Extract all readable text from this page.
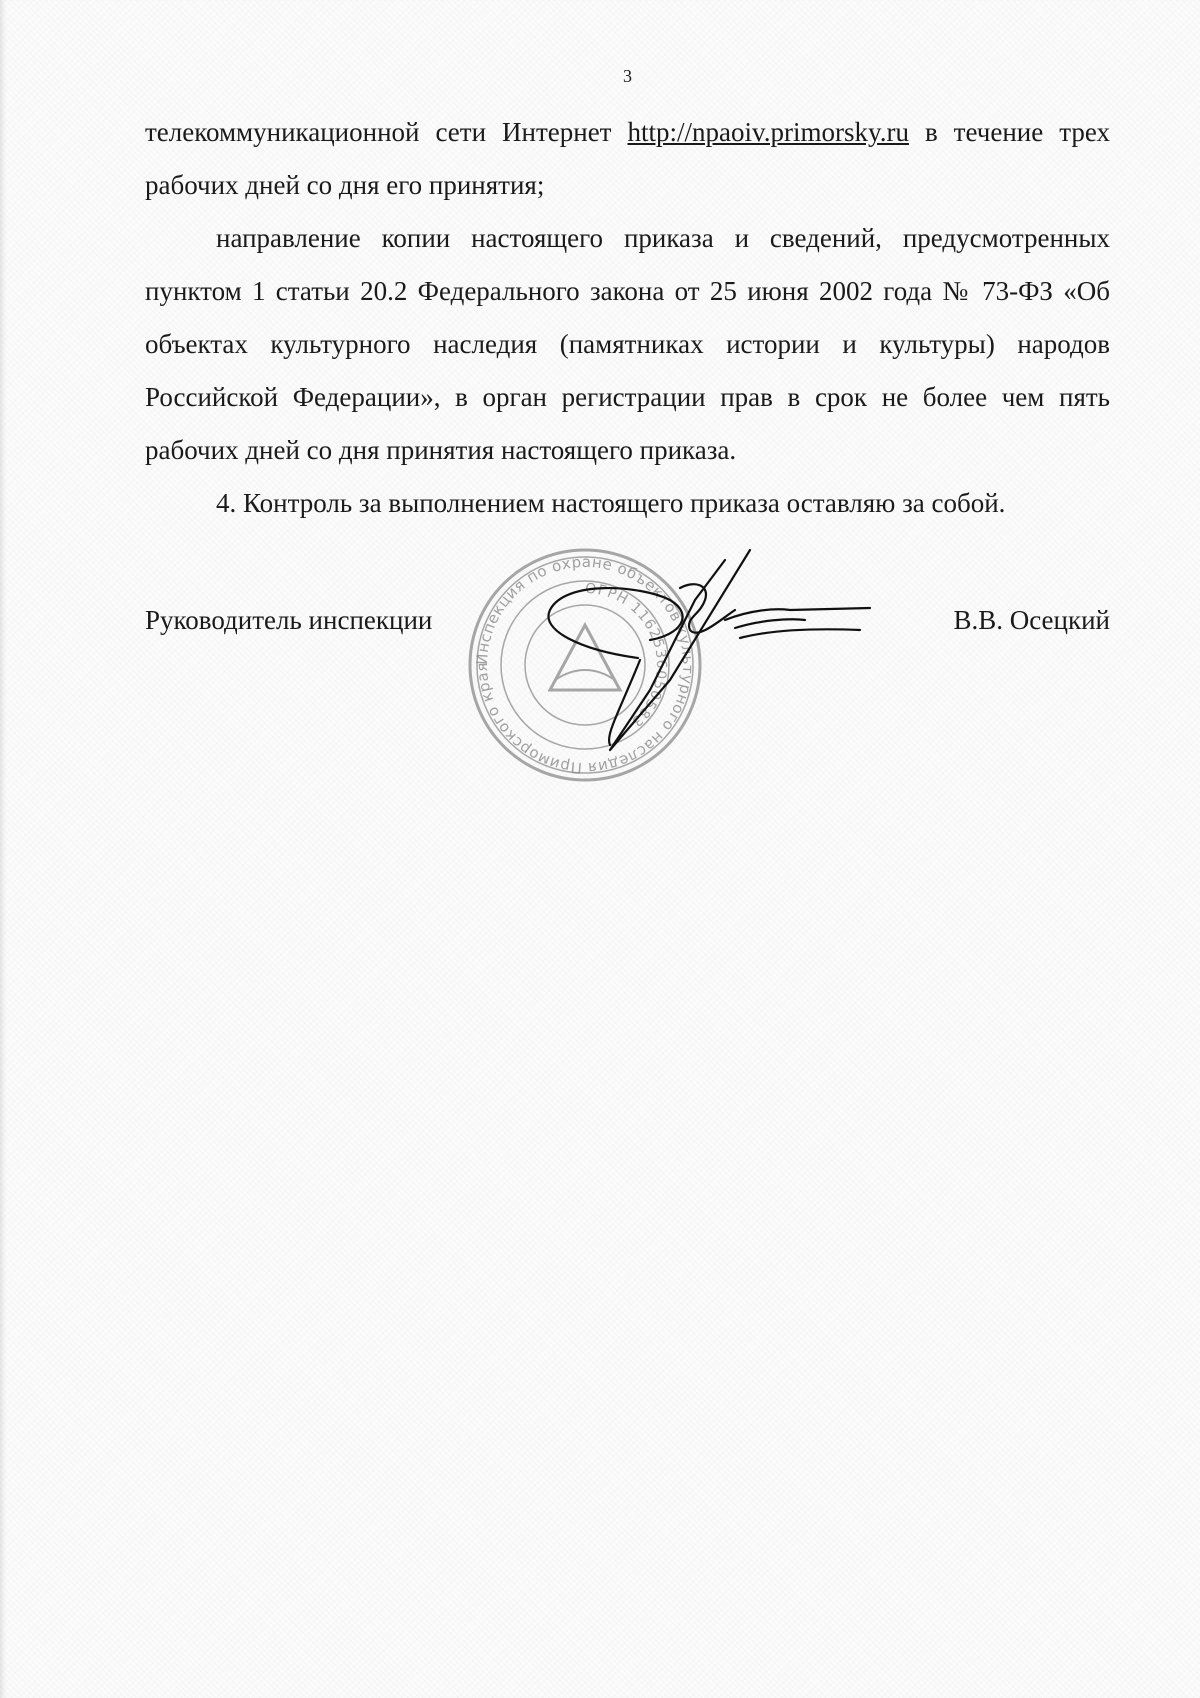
3

телекоммуникационной сети Интернет http://npaoiv.primorsky.ru в течение трех рабочих дней со дня его принятия;

направление копии настоящего приказа и сведений, предусмотренных пунктом 1 статьи 20.2 Федерального закона от 25 июня 2002 года № 73-ФЗ «Об объектах культурного наследия (памятниках истории и культуры) народов Российской Федерации», в орган регистрации прав в срок не более чем пять рабочих дней со дня принятия настоящего приказа.

4. Контроль за выполнением настоящего приказа оставляю за собой.

Руководитель инспекции	В.В. Осецкий
Инспекция по охране объектов культурного наследия Приморского края
ОГРН 1162536050583
